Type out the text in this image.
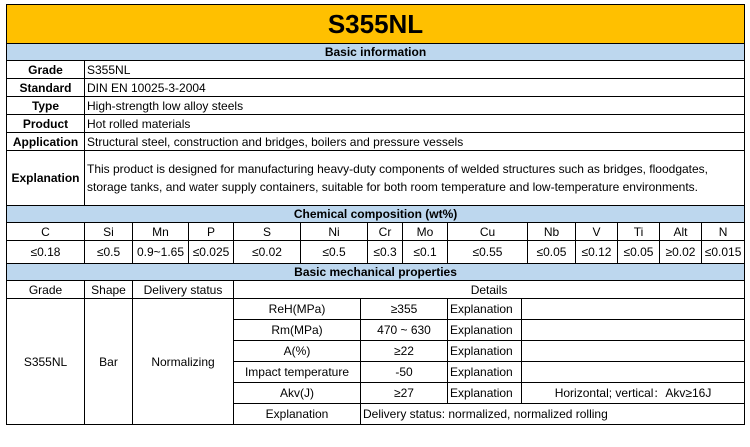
S355NL	
Basic information	
Grade	S355NL
Standard	DIN EN 10025-3-2004
Type	High-strength low alloy steels
Product	Hot rolled materials
Application	Structural steel, construction and bridges, boilers and pressure vessels
Explanation	This product is designed for manufacturing heavy-duty components of welded structures such as bridges, floodgates, storage tanks, and water supply containers, suitable for both room temperature and low-temperature environments.
Chemical composition (wt%)													
C	Si	Mn	P	S	Ni	Cr	Mo	Cu	Nb	V	Ti	Alt	N
≤0.18	≤0.5	0.9~1.65	≤0.025	≤0.02	≤0.5	≤0.3	≤0.1	≤0.55	≤0.05	≤0.12	≤0.05	≥0.02	≤0.015
Basic mechanical properties						
Grade	Shape	Delivery status	Details			
S355NL	Bar	Normalizing	ReH(MPa)	≥355	Explanation	
			Rm(MPa)	470 ~ 630	Explanation	
			A(%)	≥22	Explanation	
			Impact temperature	-50	Explanation	
			Akv(J)	≥27	Explanation	Horizontal; vertical：Akv≥16J
			Explanation	Delivery status: normalized, normalized rolling		
